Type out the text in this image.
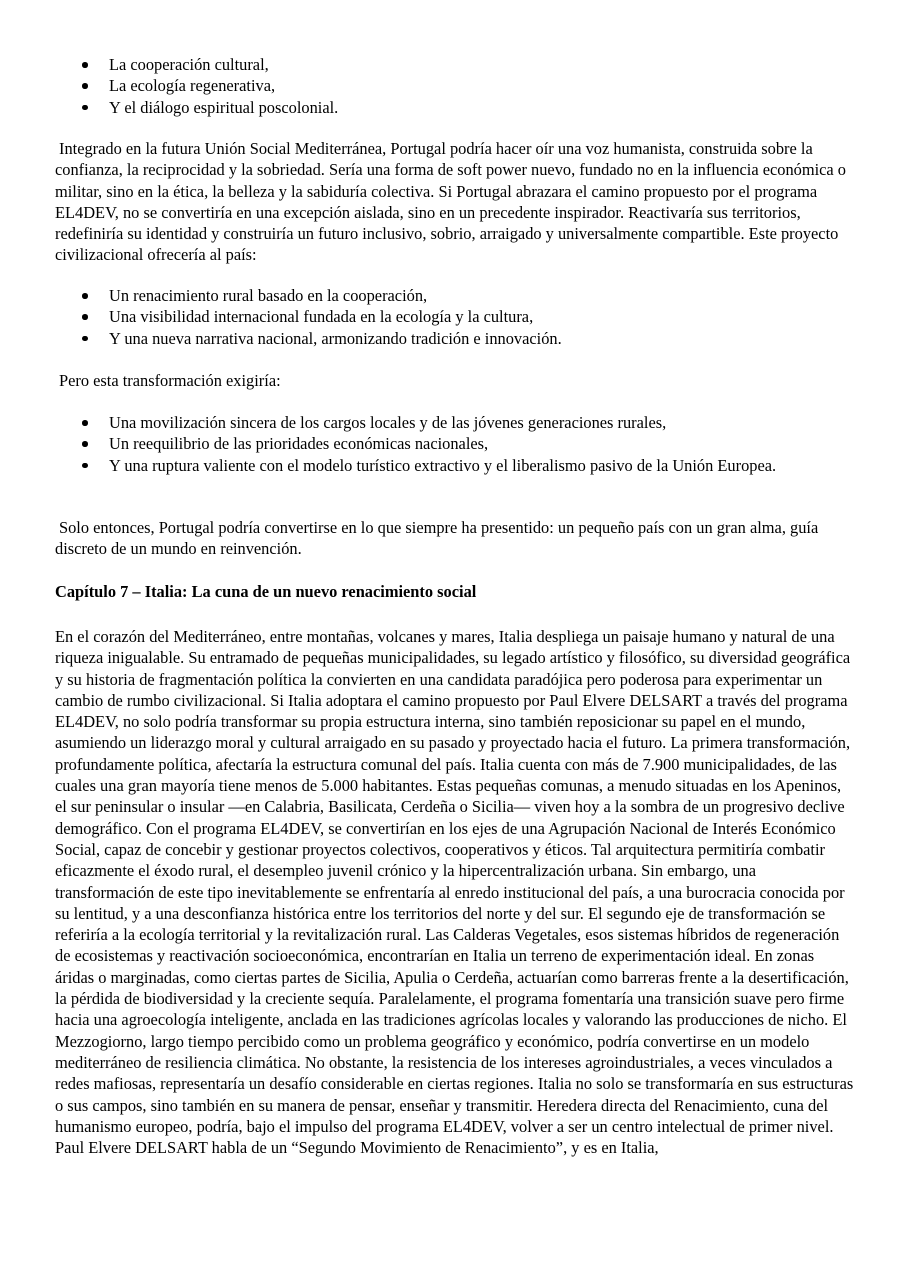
La cooperación cultural,
La ecología regenerativa,
Y el diálogo espiritual poscolonial.

Integrado en la futura Unión Social Mediterránea, Portugal podría hacer oír una voz humanista, construida sobre la confianza, la reciprocidad y la sobriedad. Sería una forma de soft power nuevo, fundado no en la influencia económica o militar, sino en la ética, la belleza y la sabiduría colectiva. Si Portugal abrazara el camino propuesto por el programa EL4DEV, no se convertiría en una excepción aislada, sino en un precedente inspirador. Reactivaría sus territorios, redefiniría su identidad y construiría un futuro inclusivo, sobrio, arraigado y universalmente compartible. Este proyecto civilizacional ofrecería al país:

Un renacimiento rural basado en la cooperación,
Una visibilidad internacional fundada en la ecología y la cultura,
Y una nueva narrativa nacional, armonizando tradición e innovación.

Pero esta transformación exigiría:

Una movilización sincera de los cargos locales y de las jóvenes generaciones rurales,
Un reequilibrio de las prioridades económicas nacionales,
Y una ruptura valiente con el modelo turístico extractivo y el liberalismo pasivo de la Unión Europea.

Solo entonces, Portugal podría convertirse en lo que siempre ha presentido: un pequeño país con un gran alma, guía discreto de un mundo en reinvención.

Capítulo 7 – Italia: La cuna de un nuevo renacimiento social

En el corazón del Mediterráneo, entre montañas, volcanes y mares, Italia despliega un paisaje humano y natural de una riqueza inigualable. Su entramado de pequeñas municipalidades, su legado artístico y filosófico, su diversidad geográfica y su historia de fragmentación política la convierten en una candidata paradójica pero poderosa para experimentar un cambio de rumbo civilizacional. Si Italia adoptara el camino propuesto por Paul Elvere DELSART a través del programa EL4DEV, no solo podría transformar su propia estructura interna, sino también reposicionar su papel en el mundo, asumiendo un liderazgo moral y cultural arraigado en su pasado y proyectado hacia el futuro. La primera transformación, profundamente política, afectaría la estructura comunal del país. Italia cuenta con más de 7.900 municipalidades, de las cuales una gran mayoría tiene menos de 5.000 habitantes. Estas pequeñas comunas, a menudo situadas en los Apeninos, el sur peninsular o insular —en Calabria, Basilicata, Cerdeña o Sicilia— viven hoy a la sombra de un progresivo declive demográfico. Con el programa EL4DEV, se convertirían en los ejes de una Agrupación Nacional de Interés Económico Social, capaz de concebir y gestionar proyectos colectivos, cooperativos y éticos. Tal arquitectura permitiría combatir eficazmente el éxodo rural, el desempleo juvenil crónico y la hipercentralización urbana. Sin embargo, una transformación de este tipo inevitablemente se enfrentaría al enredo institucional del país, a una burocracia conocida por su lentitud, y a una desconfianza histórica entre los territorios del norte y del sur. El segundo eje de transformación se referiría a la ecología territorial y la revitalización rural. Las Calderas Vegetales, esos sistemas híbridos de regeneración de ecosistemas y reactivación socioeconómica, encontrarían en Italia un terreno de experimentación ideal. En zonas áridas o marginadas, como ciertas partes de Sicilia, Apulia o Cerdeña, actuarían como barreras frente a la desertificación, la pérdida de biodiversidad y la creciente sequía. Paralelamente, el programa fomentaría una transición suave pero firme hacia una agroecología inteligente, anclada en las tradiciones agrícolas locales y valorando las producciones de nicho. El Mezzogiorno, largo tiempo percibido como un problema geográfico y económico, podría convertirse en un modelo mediterráneo de resiliencia climática. No obstante, la resistencia de los intereses agroindustriales, a veces vinculados a redes mafiosas, representaría un desafío considerable en ciertas regiones. Italia no solo se transformaría en sus estructuras o sus campos, sino también en su manera de pensar, enseñar y transmitir. Heredera directa del Renacimiento, cuna del humanismo europeo, podría, bajo el impulso del programa EL4DEV, volver a ser un centro intelectual de primer nivel. Paul Elvere DELSART habla de un “Segundo Movimiento de Renacimiento”, y es en Italia,
